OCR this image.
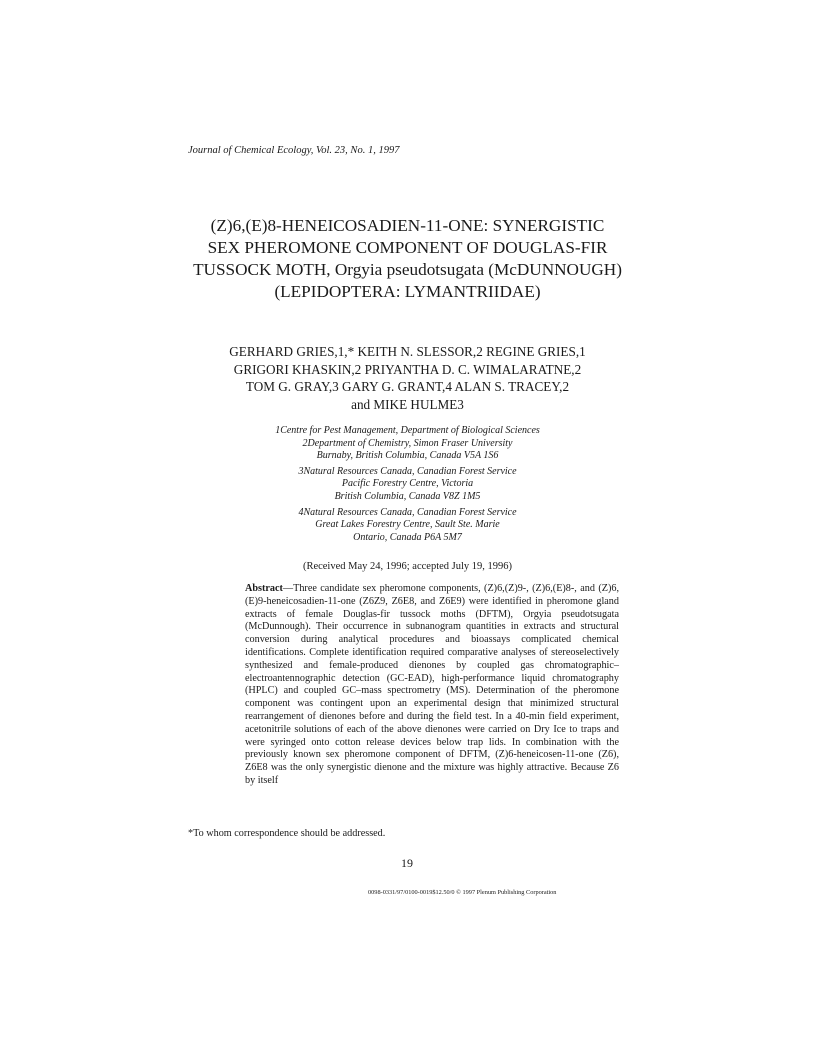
Journal of Chemical Ecology, Vol. 23, No. 1, 1997
(Z)6,(E)8-HENEICOSADIEN-11-ONE: SYNERGISTIC
SEX PHEROMONE COMPONENT OF DOUGLAS-FIR
TUSSOCK MOTH, Orgyia pseudotsugata (McDUNNOUGH)
(LEPIDOPTERA: LYMANTRIIDAE)
GERHARD GRIES,1,* KEITH N. SLESSOR,2 REGINE GRIES,1
GRIGORI KHASKIN,2 PRIYANTHA D. C. WIMALARATNE,2
TOM G. GRAY,3 GARY G. GRANT,4 ALAN S. TRACEY,2
and MIKE HULME3
1Centre for Pest Management, Department of Biological Sciences
2Department of Chemistry, Simon Fraser University
Burnaby, British Columbia, Canada V5A 1S6
3Natural Resources Canada, Canadian Forest Service
Pacific Forestry Centre, Victoria
British Columbia, Canada V8Z 1M5
4Natural Resources Canada, Canadian Forest Service
Great Lakes Forestry Centre, Sault Ste. Marie
Ontario, Canada P6A 5M7
(Received May 24, 1996; accepted July 19, 1996)
Abstract—Three candidate sex pheromone components, (Z)6,(Z)9-, (Z)6,(E)8-, and (Z)6,(E)9-heneicosadien-11-one (Z6Z9, Z6E8, and Z6E9) were identified in pheromone gland extracts of female Douglas-fir tussock moths (DFTM), Orgyia pseudotsugata (McDunnough). Their occurrence in subnanogram quantities in extracts and structural conversion during analytical procedures and bioassays complicated chemical identifications. Complete identification required comparative analyses of stereoselectively synthesized and female-produced dienones by coupled gas chromatographic–electroantennographic detection (GC-EAD), high-performance liquid chromatography (HPLC) and coupled GC–mass spectrometry (MS). Determination of the pheromone component was contingent upon an experimental design that minimized structural rearrangement of dienones before and during the field test. In a 40-min field experiment, acetonitrile solutions of each of the above dienones were carried on Dry Ice to traps and were syringed onto cotton release devices below trap lids. In combination with the previously known sex pheromone component of DFTM, (Z)6-heneicosen-11-one (Z6), Z6E8 was the only synergistic dienone and the mixture was highly attractive. Because Z6 by itself
*To whom correspondence should be addressed.
19
0098-0331/97/0100-0019$12.50/0 © 1997 Plenum Publishing Corporation
